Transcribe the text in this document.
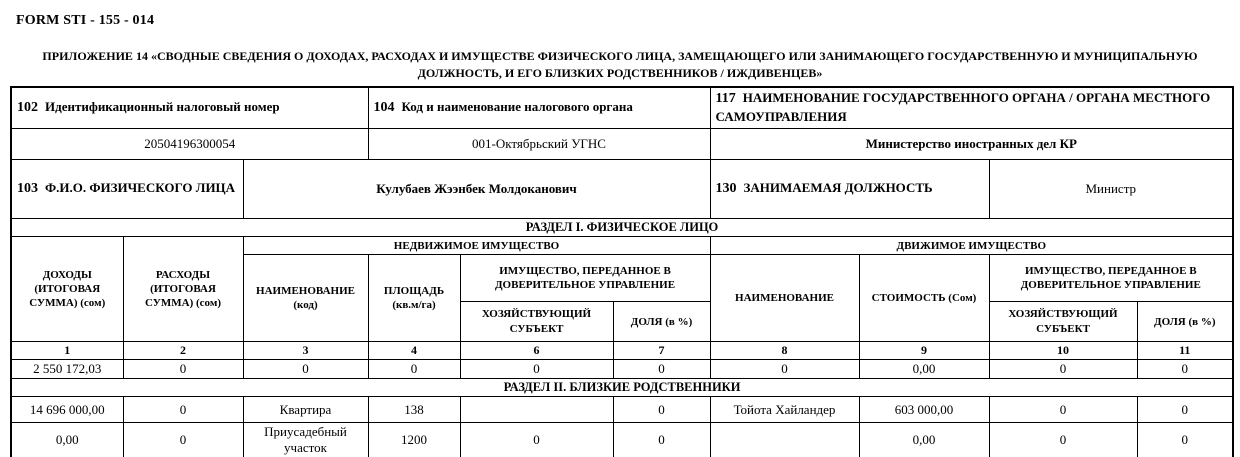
FORM STI - 155 - 014
ПРИЛОЖЕНИЕ 14 «СВОДНЫЕ СВЕДЕНИЯ О ДОХОДАХ, РАСХОДАХ И ИМУЩЕСТВЕ ФИЗИЧЕСКОГО ЛИЦА, ЗАМЕЩАЮЩЕГО ИЛИ ЗАНИМАЮЩЕГО ГОСУДАРСТВЕННУЮ И МУНИЦИПАЛЬНУЮ ДОЛЖНОСТЬ, И ЕГО БЛИЗКИХ РОДСТВЕННИКОВ / ИЖДИВЕНЦЕВ»
102 Идентификационный налоговый номер			104 Код и наименование налогового органа			117 НАИМЕНОВАНИЕ ГОСУДАРСТВЕННОГО ОРГАНА / ОРГАНА МЕСТНОГО САМОУПРАВЛЕНИЯ			
20504196300054			001-Октябрьский УГНС			Министерство иностранных дел КР			
103 Ф.И.О. ФИЗИЧЕСКОГО ЛИЦА		Кулубаев Жээнбек Молдоканович				130 ЗАНИМАЕМАЯ ДОЛЖНОСТЬ		Министр	
РАЗДЕЛ I. ФИЗИЧЕСКОЕ ЛИЦО									
ДОХОДЫ (ИТОГОВАЯ СУММА) (сом)	РАСХОДЫ (ИТОГОВАЯ СУММА) (сом)	НЕДВИЖИМОЕ ИМУЩЕСТВО				ДВИЖИМОЕ ИМУЩЕСТВО			
		НАИМЕНОВАНИЕ (код)	ПЛОЩАДЬ (кв.м/га)	ИМУЩЕСТВО, ПЕРЕДАННОЕ В ДОВЕРИТЕЛЬНОЕ УПРАВЛЕНИЕ		НАИМЕНОВАНИЕ	СТОИМОСТЬ (Сом)	ИМУЩЕСТВО, ПЕРЕДАННОЕ В ДОВЕРИТЕЛЬНОЕ УПРАВЛЕНИЕ	
				ХОЗЯЙСТВУЮЩИЙ СУБЪЕКТ	ДОЛЯ (в %)			ХОЗЯЙСТВУЮЩИЙ СУБЪЕКТ	ДОЛЯ (в %)
1	2	3	4	6	7	8	9	10	11
2 550 172,03	0	0	0	0	0	0	0,00	0	0
РАЗДЕЛ II. БЛИЗКИЕ РОДСТВЕННИКИ									
14 696 000,00	0	Квартира	138		0	Тойота Хайландер	603 000,00	0	0
0,00	0	Приусадебный участок	1200	0	0		0,00	0	0
